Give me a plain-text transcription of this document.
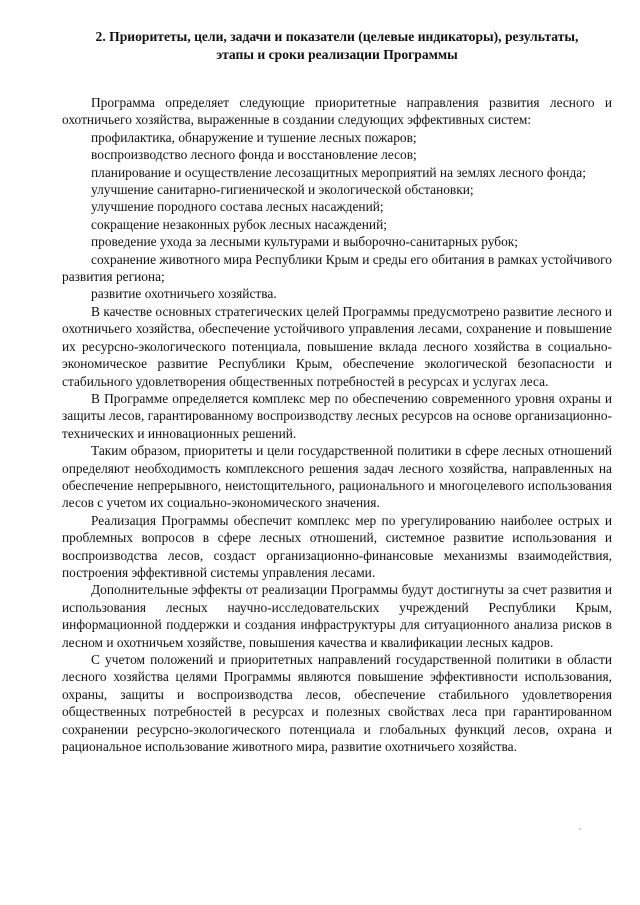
2. Приоритеты, цели, задачи и показатели (целевые индикаторы), результаты,
этапы и сроки реализации Программы

Программа определяет следующие приоритетные направления развития лесного и охотничьего хозяйства, выраженные в создании следующих эффективных систем:

профилактика, обнаружение и тушение лесных пожаров;

воспроизводство лесного фонда и восстановление лесов;

планирование и осуществление лесозащитных мероприятий на землях лесного фонда;

улучшение санитарно-гигиенической и экологической обстановки;

улучшение породного состава лесных насаждений;

сокращение незаконных рубок лесных насаждений;

проведение ухода за лесными культурами и выборочно-санитарных рубок;

сохранение животного мира Республики Крым и среды его обитания в рамках устойчивого развития региона;

развитие охотничьего хозяйства.

В качестве основных стратегических целей Программы предусмотрено развитие лесного и охотничьего хозяйства, обеспечение устойчивого управления лесами, сохранение и повышение их ресурсно-экологического потенциала, повышение вклада лесного хозяйства в социально-экономическое развитие Республики Крым, обеспечение экологической безопасности и стабильного удовлетворения общественных потребностей в ресурсах и услугах леса.

В Программе определяется комплекс мер по обеспечению современного уровня охраны и защиты лесов, гарантированному воспроизводству лесных ресурсов на основе организационно-технических и инновационных решений.

Таким образом, приоритеты и цели государственной политики в сфере лесных отношений определяют необходимость комплексного решения задач лесного хозяйства, направленных на обеспечение непрерывного, неистощительного, рационального и многоцелевого использования лесов с учетом их социально-экономического значения.

Реализация Программы обеспечит комплекс мер по урегулированию наиболее острых и проблемных вопросов в сфере лесных отношений, системное развитие использования и воспроизводства лесов, создаст организационно-финансовые механизмы взаимодействия, построения эффективной системы управления лесами.

Дополнительные эффекты от реализации Программы будут достигнуты за счет развития и использования лесных научно-исследовательских учреждений Республики Крым, информационной поддержки и создания инфраструктуры для ситуационного анализа рисков в лесном и охотничьем хозяйстве, повышения качества и квалификации лесных кадров.

С учетом положений и приоритетных направлений государственной политики в области лесного хозяйства целями Программы являются повышение эффективности использования, охраны, защиты и воспроизводства лесов, обеспечение стабильного удовлетворения общественных потребностей в ресурсах и полезных свойствах леса при гарантированном сохранении ресурсно-экологического потенциала и глобальных функций лесов, охрана и рациональное использование животного мира, развитие охотничьего хозяйства.
